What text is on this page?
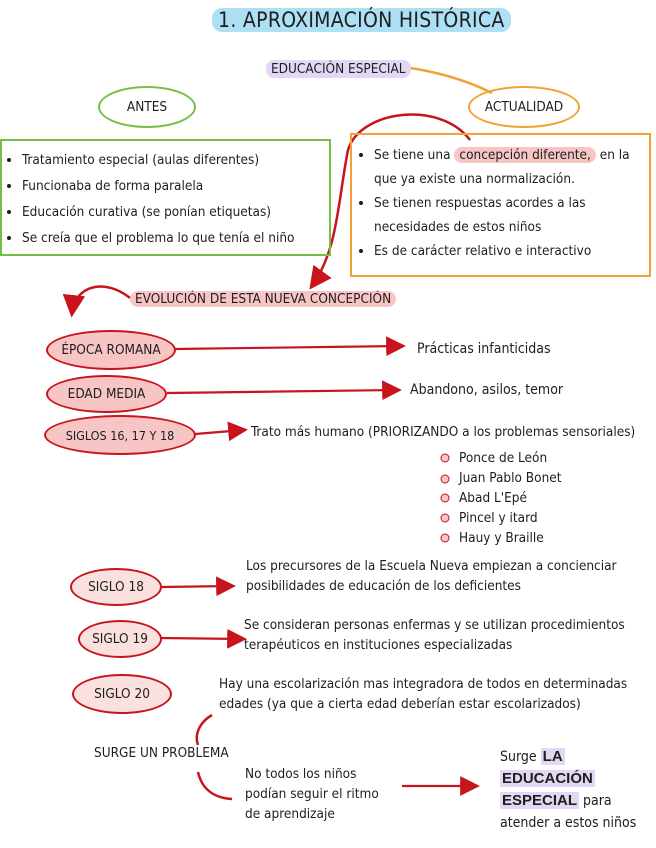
1. APROXIMACIÓN HISTÓRICA
EDUCACIÓN ESPECIAL
ANTES	ACTUALIDAD
• Tratamiento especial (aulas diferentes)
• Funcionaba de forma paralela
• Educación curativa (se ponían etiquetas)
• Se creía que el problema lo que tenía el niño
• Se tiene una concepción diferente, en la que ya existe una normalización.
• Se tienen respuestas acordes a las necesidades de estos niños
• Es de carácter relativo e interactivo
EVOLUCIÓN DE ESTA NUEVA CONCEPCIÓN
ÉPOCA ROMANA
EDAD MEDIA
SIGLOS 16, 17 Y 18
SIGLO 18
SIGLO 19
SIGLO 20
Prácticas infanticidas
Abandono, asilos, temor
Trato más humano (PRIORIZANDO a los problemas sensoriales)
Ponce de León
Juan Pablo Bonet
Abad L'Epé
Pincel y itard
Hauy y Braille
Los precursores de la Escuela Nueva empiezan a concienciar posibilidades de educación de los deficientes
Se consideran personas enfermas y se utilizan procedimientos terapéuticos en instituciones especializadas
Hay una escolarización mas integradora de todos en determinadas edades (ya que a cierta edad deberían estar escolarizados)
SURGE UN PROBLEMA
No todos los niños podían seguir el ritmo de aprendizaje
Surge LA
EDUCACIÓN
ESPECIAL para
atender a estos niños
